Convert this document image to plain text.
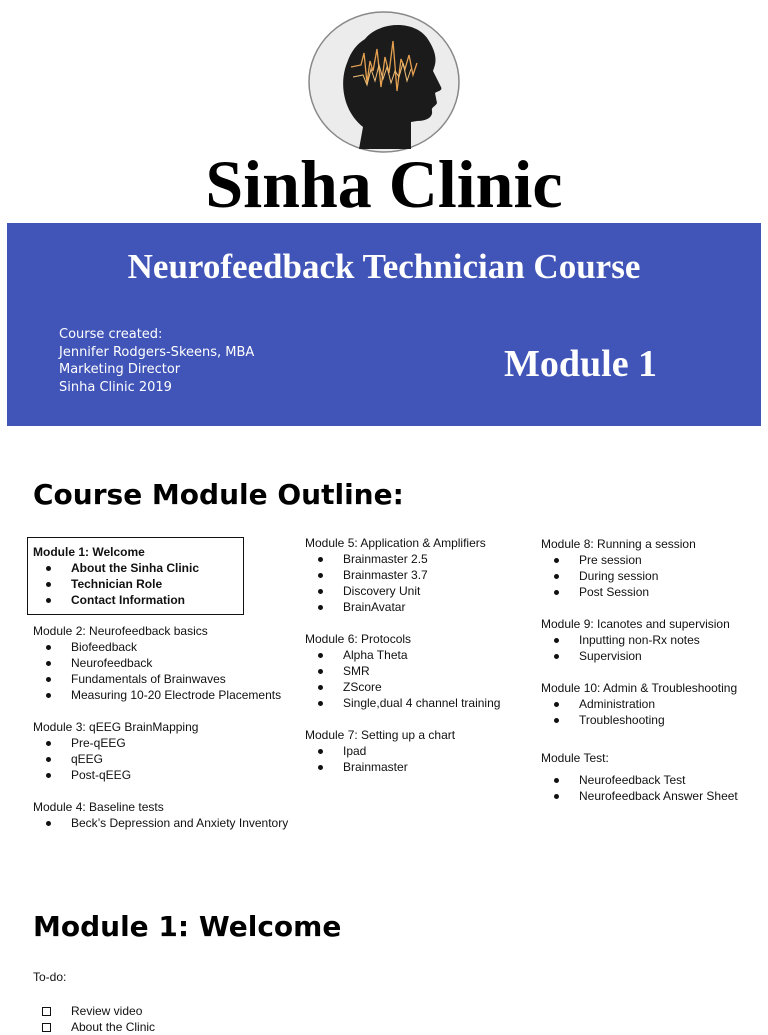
Sinha Clinic
Neurofeedback Technician Course
Course created:
Jennifer Rodgers-Skeens, MBA
Marketing Director
Sinha Clinic 2019
Module 1
Course Module Outline:
Module 1: Welcome
About the Sinha Clinic
Technician Role
Contact Information
Module 2: Neurofeedback basics
Biofeedback
Neurofeedback
Fundamentals of Brainwaves
Measuring 10-20 Electrode Placements
Module 3: qEEG BrainMapping
Pre-qEEG
qEEG
Post-qEEG
Module 4: Baseline tests
Beck’s Depression and Anxiety Inventory
Module 5: Application & Amplifiers
Brainmaster 2.5
Brainmaster 3.7
Discovery Unit
BrainAvatar
Module 6: Protocols
Alpha Theta
SMR
ZScore
Single,dual 4 channel training
Module 7: Setting up a chart
Ipad
Brainmaster
Module 8: Running a session
Pre session
During session
Post Session
Module 9: Icanotes and supervision
Inputting non-Rx notes
Supervision
Module 10: Admin & Troubleshooting
Administration
Troubleshooting
Module Test:
Neurofeedback Test
Neurofeedback Answer Sheet
Module 1: Welcome
To-do:
Review video
About the Clinic
